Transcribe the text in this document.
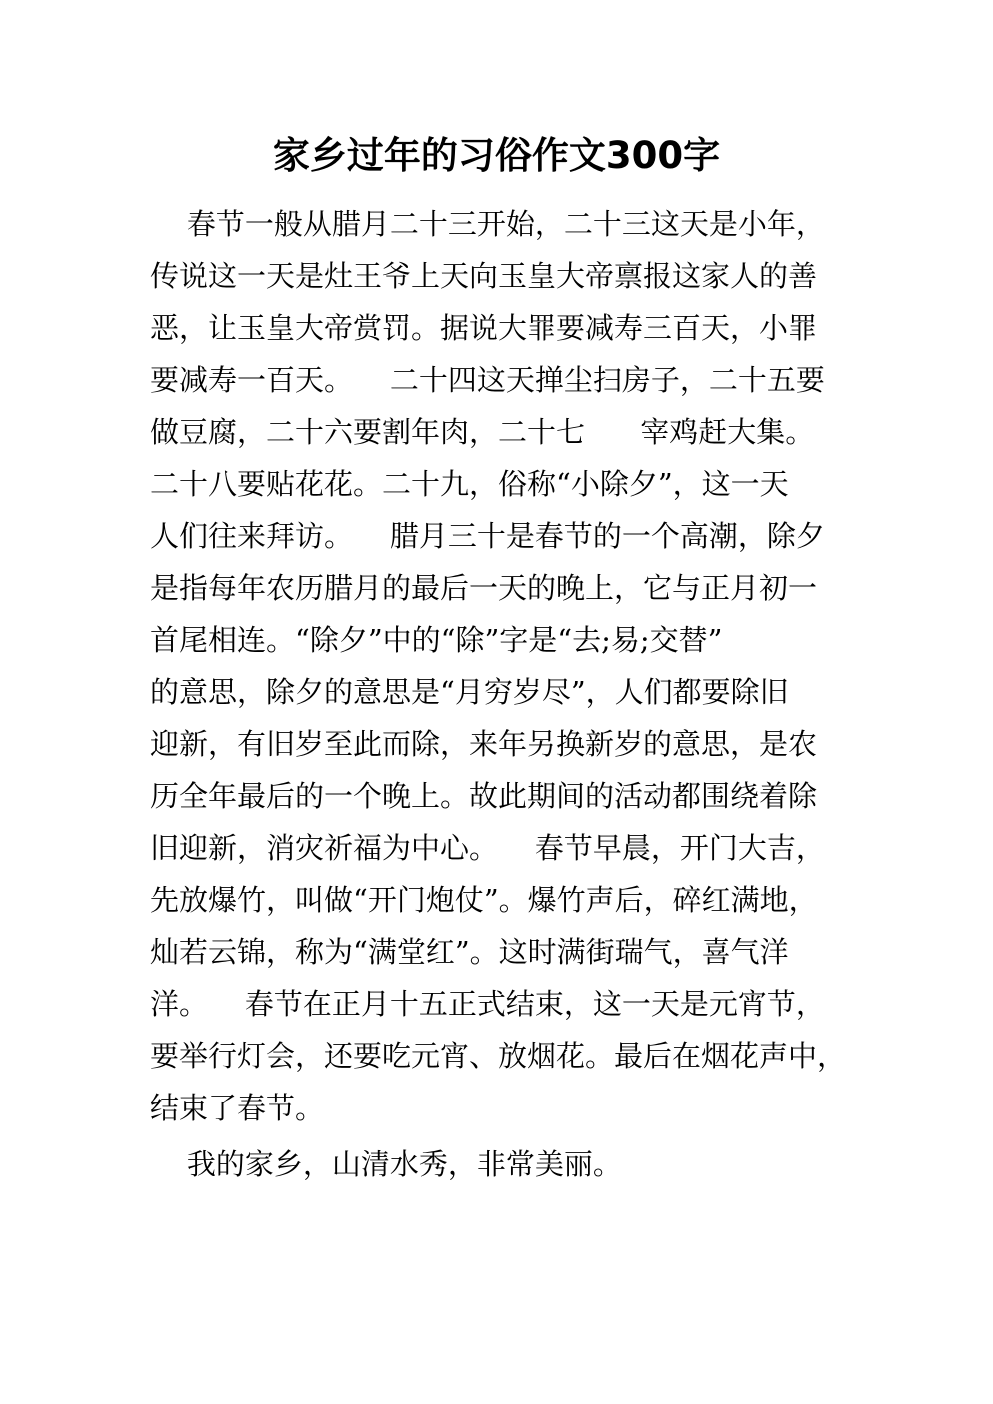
家乡过年的习俗作文300字
春节一般从腊月二十三开始，二十三这天是小年，
传说这一天是灶王爷上天向玉皇大帝禀报这家人的善
恶，让玉皇大帝赏罚。据说大罪要减寿三百天，小罪
要减寿一百天。    二十四这天掸尘扫房子，二十五要
做豆腐，二十六要割年肉，二十七      宰鸡赶大集。
二十八要贴花花。二十九，俗称“小除夕”，这一天
人们往来拜访。    腊月三十是春节的一个高潮，除夕
是指每年农历腊月的最后一天的晚上，它与正月初一
首尾相连。“除夕”中的“除”字是“去;易;交替”
的意思，除夕的意思是“月穷岁尽”，人们都要除旧
迎新，有旧岁至此而除，来年另换新岁的意思，是农
历全年最后的一个晚上。故此期间的活动都围绕着除
旧迎新，消灾祈福为中心。    春节早晨，开门大吉，
先放爆竹，叫做“开门炮仗”。爆竹声后，碎红满地，
灿若云锦，称为“满堂红”。这时满街瑞气，喜气洋
洋。    春节在正月十五正式结束，这一天是元宵节，
要举行灯会，还要吃元宵、放烟花。最后在烟花声中，
结束了春节。
我的家乡，山清水秀，非常美丽。
